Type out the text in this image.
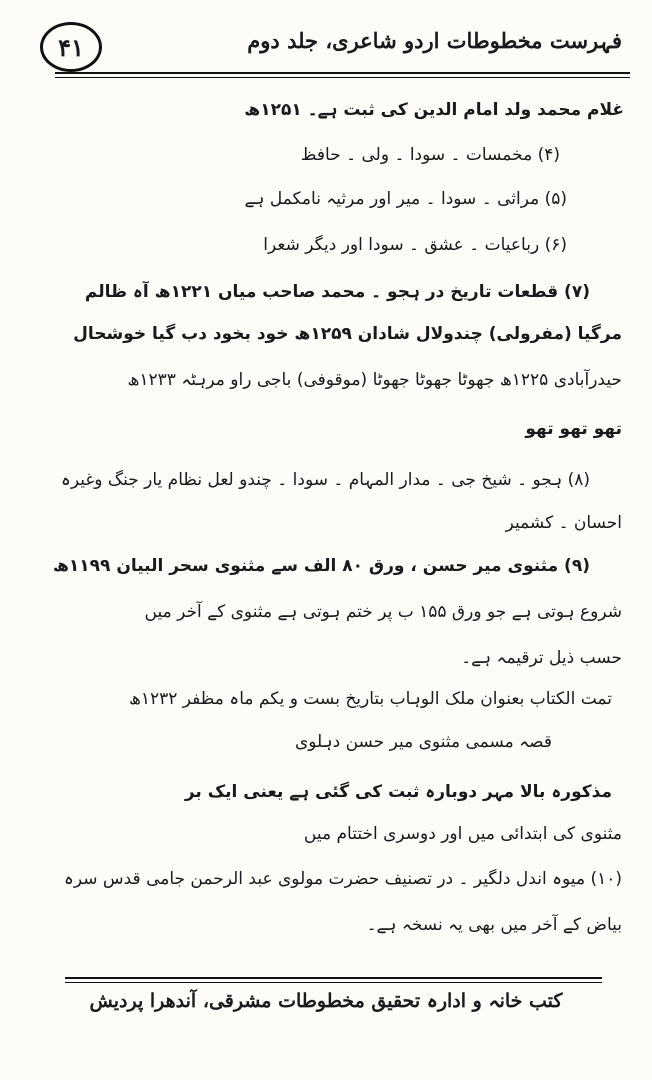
۴۱	فہرست مخطوطات اردو شاعری، جلد دوم
غلام محمد ولد امام الدین کی ثبت ہے۔ ۱۲۵۱ھ
(۴) مخمسات ۔ سودا ۔ ولی ۔ حافظ
(۵) مراثی ۔ سودا ۔ میر اور مرثیہ نامکمل ہے
(۶) رباعیات ۔ عشق ۔ سودا اور دیگر شعرا
(۷) قطعات تاریخ در ہجو ۔ محمد صاحب میاں ۱۲۲۱ھ آہ ظالم
مرگیا (مفرولی) چندولال شادان ۱۲۵۹ھ خود بخود دب گیا خوشحال
حیدرآبادی ۱۲۲۵ھ جھوٹا جھوٹا جھوٹا (موقوفی) باجی راو مرہٹہ ۱۲۳۳ھ
تھو تھو تھو
(۸) ہجو ۔ شیخ جی ۔ مدار المہام ۔ سودا ۔ چندو لعل نظام یار جنگ وغیرہ
احسان ۔ کشمیر
(۹) مثنوی میر حسن ، ورق ۸۰ الف سے مثنوی سحر البیان ۱۱۹۹ھ
شروع ہوتی ہے جو ورق ۱۵۵ ب پر ختم ہوتی ہے مثنوی کے آخر میں
حسب ذیل ترقیمہ ہے۔
تمت الکتاب بعنوان ملک الوہاب بتاریخ بست و یکم ماہ مظفر ۱۲۳۲ھ
قصہ مسمی مثنوی میر حسن دہلوی
مذکورہ بالا مہر دوبارہ ثبت کی گئی ہے یعنی ایک بر
مثنوی کی ابتدائی میں اور دوسری اختتام میں
(۱۰) میوہ اندل دلگیر ۔ در تصنیف حضرت مولوی عبد الرحمن جامی قدس سرہ
بیاض کے آخر میں بھی یہ نسخہ ہے۔
کتب خانہ و ادارہ تحقیق مخطوطات مشرقی، آندھرا پردیش
